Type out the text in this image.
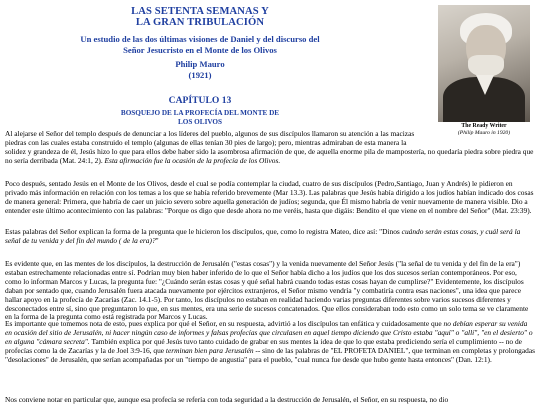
LAS SETENTA SEMANAS Y
LA GRAN TRIBULACIÓN
Un estudio de las dos últimas visiones de Daniel y del discurso del Señor Jesucristo en el Monte de los Olivos
Philip Mauro
(1921)
CAPÍTULO 13
BOSQUEJO DE LA PROFECÍA DEL MONTE DE LOS OLIVOS
The Ready Writer
(Philip Mauro in 1920)

Al alejarse el Señor del templo después de denunciar a los líderes del pueblo, algunos de sus discípulos llamaron su atención a las macizas piedras con las cuales estaba construido el templo (algunas de ellas tenían 30 pies de largo); pero, mientras admiraban de esta manera la

solidez y grandeza de él, Jesús hizo lo que para ellos debe haber sido la asombrosa afirmación de que, de aquella enorme pila de mampostería, no quedaría piedra sobre piedra que no sería derribada (Mat. 24:1, 2). Esta afirmación fue la ocasión de la profecía de los Olivos.

Poco después, sentado Jesús en el Monte de los Olivos, desde el cual se podía contemplar la ciudad, cuatro de sus discípulos (Pedro,Santiago, Juan y Andrés) le pidieron en privado más información en relación con los temas a los que se había referido brevemente (Mar 13.3). Las palabras que Jesús había dirigido a los judíos habían indicado dos cosas de manera general: Primera, que habría de caer un juicio severo sobre aquella generación de judíos; segunda, que Él mismo habría de venir nuevamente de manera visible. Dio a entender este último acontecimiento con las palabras: "Porque os digo que desde ahora no me veréis, hasta que digáis: Bendito el que viene en el nombre del Señor" (Mat. 23:39).

Estas palabras del Señor explican la forma de la pregunta que le hicieron los discípulos, que, como lo registra Mateo, dice así: "Dinos cuándo serán estas cosas, y cuál será la señal de tu venida y del fin del mundo ( de la era)?"

Es evidente que, en las mentes de los discípulos, la destrucción de Jerusalén ("estas cosas") y la venida nuevamente del Señor Jesús ("la señal de tu venida y del fin de la era") estaban estrechamente relacionadas entre sí. Podrían muy bien haber inferido de lo que el Señor había dicho a los judíos que los dos sucesos serían contemporáneos. Por eso, como lo informan Marcos y Lucas, la pregunta fue: "¿Cuándo serán estas cosas y qué señal habrá cuando todas estas cosas hayan de cumplirse?" Evidentemente, los discípulos daban por sentado que, cuando Jerusalén fuera atacada nuevamente por ejércitos extranjeros, el Señor mismo vendría "y combatiría contra esas naciones", una idea que parece hallar apoyo en la profecía de Zacarías (Zac. 14.1-5). Por tanto, los discípulos no estaban en realidad haciendo varias preguntas diferentes sobre varios sucesos diferentes y desconectados entre sí, sino que preguntaron lo que, en sus mentes, era una serie de sucesos concatenados. Que ellos consideraban todo esto como un solo tema se ve claramente en la forma de la pregunta como está registrada por Marcos y Lucas.

Es importante que tomemos nota de esto, pues explica por qué el Señor, en su respuesta, advirtió a los discípulos tan enfática y cuidadosamente que no debían esperar su venida en ocasión del sitio de Jerusalén, ni hacer ningún caso de informes y falsas profecías que circulasen en aquel tiempo diciendo que Cristo estaba "aquí" o "allí", "en el desierto" o en alguna "cámara secreta". También explica por qué Jesús tuvo tanto cuidado de grabar en sus mentes la idea de que lo que estaba prediciendo sería el cumplimiento -- no de profecías como la de Zacarías y la de Joel 3:9-16, que terminan bien para Jerusalén -- sino de las palabras de "EL PROFETA DANIEL", que terminan en completas y prolongadas "desolaciones" de Jerusalén, que serían acompañadas por un "tiempo de angustia" para el pueblo, "cual nunca fue desde que hubo gente hasta entonces" (Dan. 12:1).

Nos conviene notar en particular que, aunque esa profecía se refería con toda seguridad a la destrucción de Jerusalén, el Señor, en su respuesta, no dio
